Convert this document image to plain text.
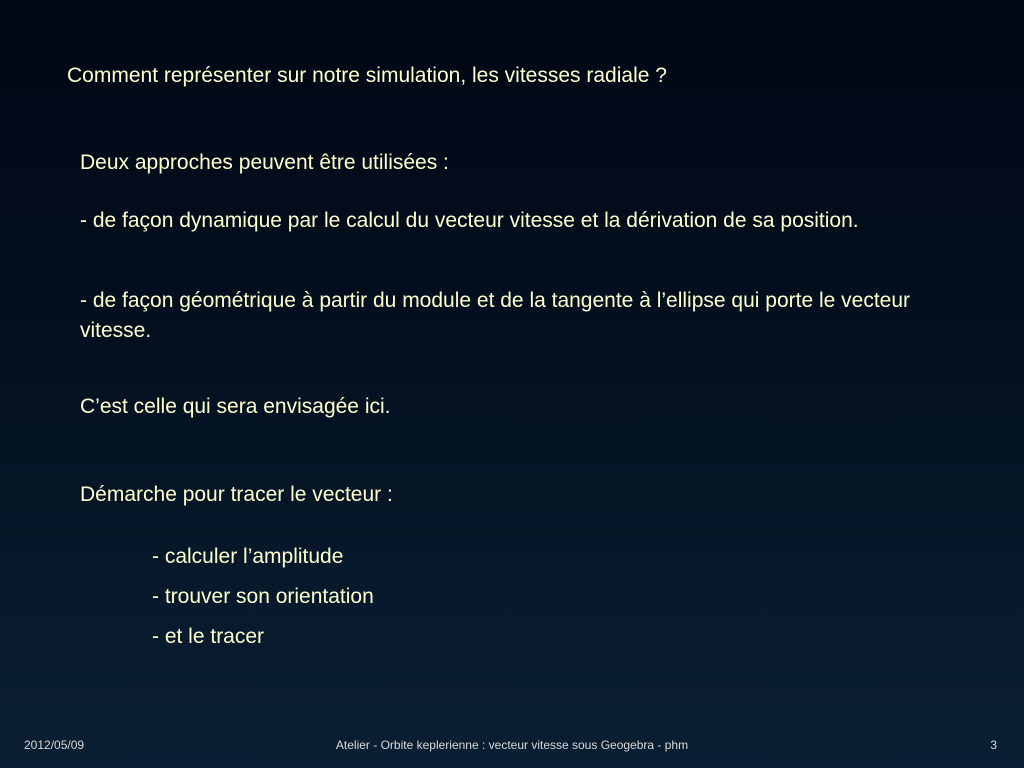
Comment représenter sur notre simulation, les vitesses radiale ?
Deux approches peuvent être utilisées :
- de façon dynamique par le calcul du vecteur vitesse et la dérivation de sa position.
- de façon géométrique à partir du module et de la tangente à l’ellipse qui porte le vecteur vitesse.
C’est celle qui sera envisagée ici.
Démarche pour tracer le vecteur :
- calculer l’amplitude
- trouver son orientation
- et le tracer
Atelier - Orbite keplerienne : vecteur vitesse sous Geogebra - phm
2012/05/09	3
